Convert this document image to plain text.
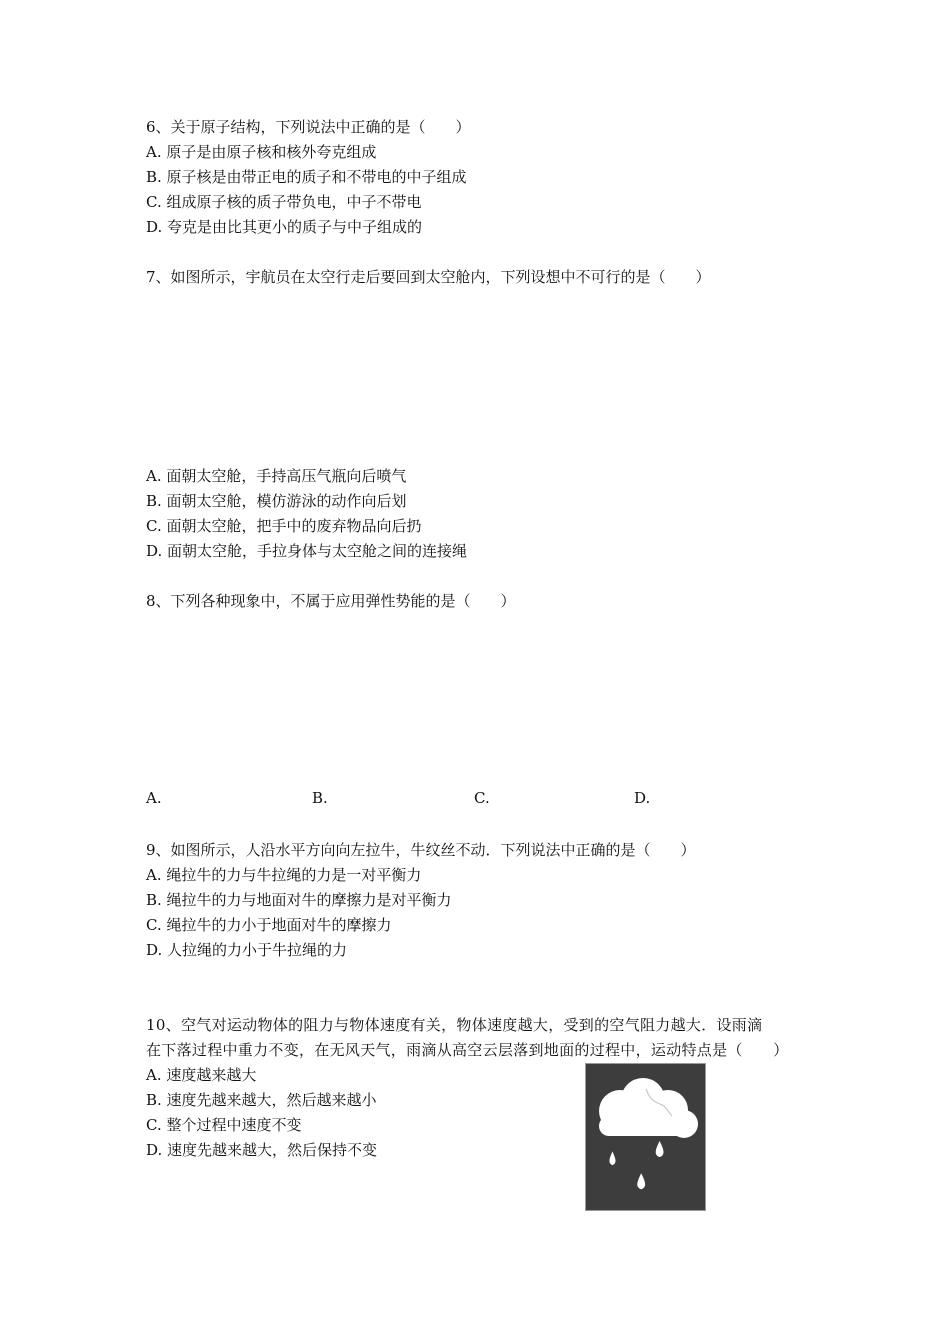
6、关于原子结构，下列说法中正确的是（　　）
A. 原子是由原子核和核外夸克组成
B. 原子核是由带正电的质子和不带电的中子组成
C. 组成原子核的质子带负电，中子不带电
D. 夸克是由比其更小的质子与中子组成的
7、如图所示，宇航员在太空行走后要回到太空舱内，下列设想中不可行的是（　　）
A. 面朝太空舱，手持高压气瓶向后喷气
B. 面朝太空舱，模仿游泳的动作向后划
C. 面朝太空舱，把手中的废弃物品向后扔
D. 面朝太空舱，手拉身体与太空舱之间的连接绳
8、下列各种现象中，不属于应用弹性势能的是（　　）
A.	B.	C.	D.
9、如图所示，人沿水平方向向左拉牛，牛纹丝不动．下列说法中正确的是（　　）
A. 绳拉牛的力与牛拉绳的力是一对平衡力
B. 绳拉牛的力与地面对牛的摩擦力是对平衡力
C. 绳拉牛的力小于地面对牛的摩擦力
D. 人拉绳的力小于牛拉绳的力
10、空气对运动物体的阻力与物体速度有关，物体速度越大，受到的空气阻力越大．设雨滴
在下落过程中重力不变，在无风天气，雨滴从高空云层落到地面的过程中，运动特点是（　　）
A. 速度越来越大
B. 速度先越来越大，然后越来越小
C. 整个过程中速度不变
D. 速度先越来越大，然后保持不变
